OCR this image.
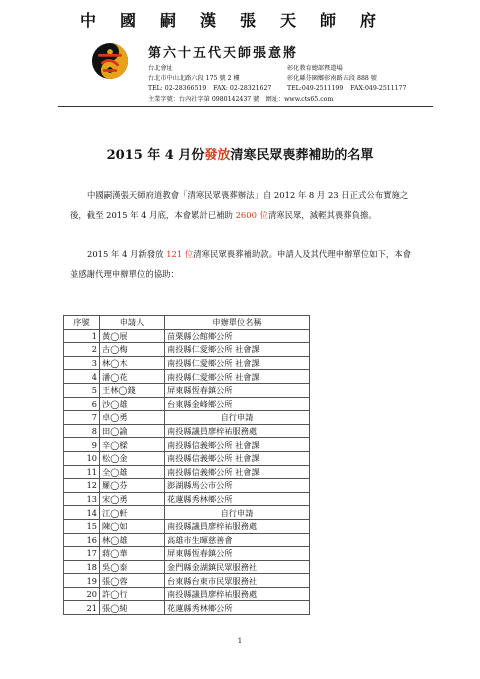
中國嗣漢張天師府
第六十五代天師張意將
台北會址
台北市中山北路六段 175 號 2 樓
TEL: 02-28366519 FAX: 02-28321627
彰化教育總部暨道場
彰化縣芬園鄉彰南路五段 888 號
TEL:049-2511199 FAX:049-2511177
主業字號：台內社字第 0980142437 號　網址：www.cts65.com
2015 年 4 月份發放清寒民眾喪葬補助的名單
中國嗣漢張天師府道教會「清寒民眾喪葬辦法」自 2012 年 8 月 23 日正式公布實施之後，截至 2015 年 4 月底，本會累計已補助 2600 位清寒民眾，減輕其喪葬負擔。
2015 年 4 月新發放 121 位清寒民眾喪葬補助款。申請人及其代理申辦單位如下，本會並感謝代理申辦單位的協助：
序號	申請人	申辦單位名稱
1	黃◯展	苗栗縣公館鄉公所
2	古◯梅	南投縣仁愛鄉公所 社會課
3	林◯木	南投縣仁愛鄉公所 社會課
4	潘◯花	南投縣仁愛鄉公所 社會課
5	王林◯錢	屏東縣恆春鎮公所
6	沙◯雄	台東縣金峰鄉公所
7	卓◯勇	自行申請
8	田◯諭	南投縣議員廖梓祐服務處
9	辛◯樑	南投縣信義鄉公所 社會課
10	松◯金	南投縣信義鄉公所 社會課
11	全◯雄	南投縣信義鄉公所 社會課
12	羅◯芬	澎湖縣馬公市公所
13	宋◯勇	花蓮縣秀林鄉公所
14	江◯軒	自行申請
15	陳◯如	南投縣議員廖梓祐服務處
16	林◯雄	高雄市生暉慈善會
17	蔣◯華	屏東縣恆春鎮公所
18	吳◯泰	金門縣金湖鎮民眾服務社
19	張◯蓉	台東縣台東市民眾服務社
20	許◯行	南投縣議員廖梓祐服務處
21	張◯純	花蓮縣秀林鄉公所
1
